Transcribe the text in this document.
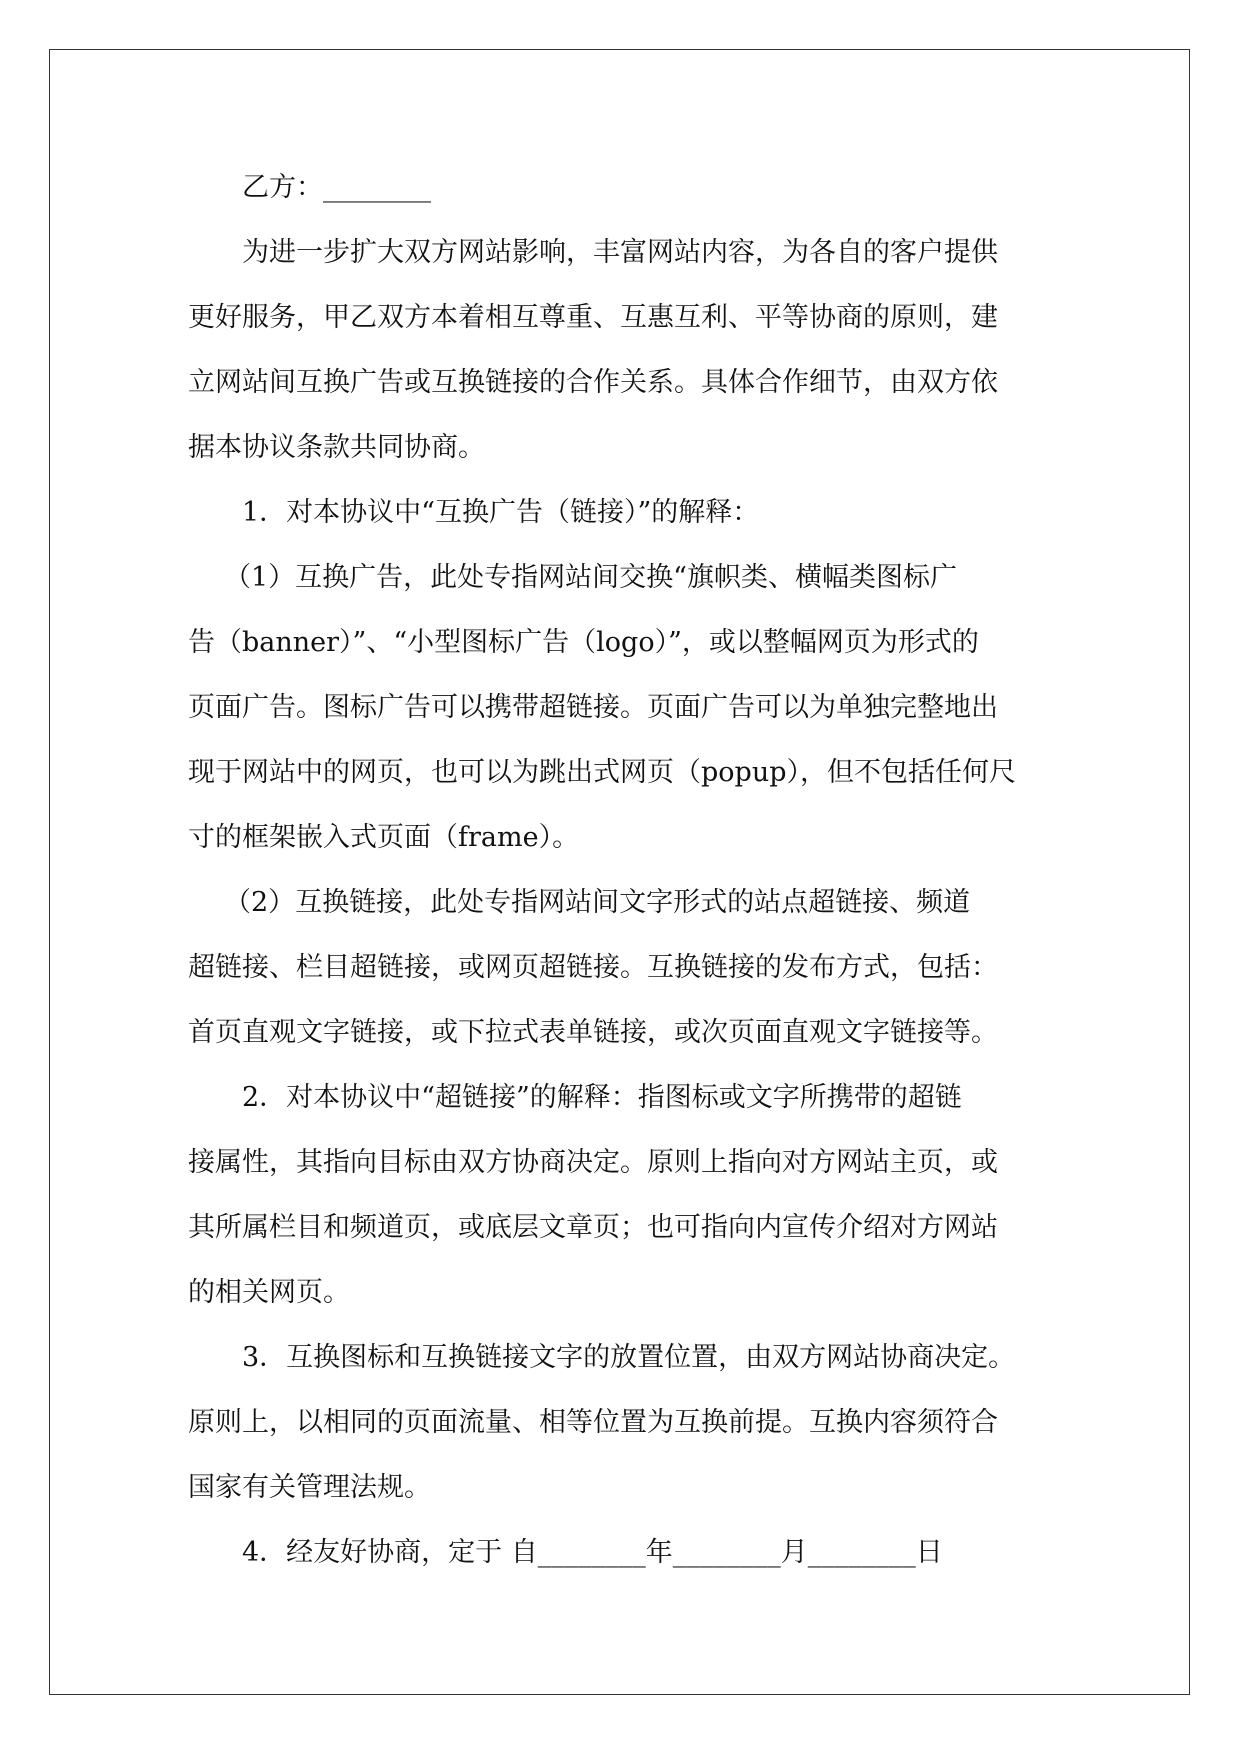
乙方：________
为进一步扩大双方网站影响，丰富网站内容，为各自的客户提供
更好服务，甲乙双方本着相互尊重、互惠互利、平等协商的原则，建
立网站间互换广告或互换链接的合作关系。具体合作细节，由双方依
据本协议条款共同协商。
1．对本协议中“互换广告（链接）”的解释：
（1）互换广告，此处专指网站间交换“旗帜类、横幅类图标广
告（banner）”、“小型图标广告（logo）”，或以整幅网页为形式的
页面广告。图标广告可以携带超链接。页面广告可以为单独完整地出
现于网站中的网页，也可以为跳出式网页（popup），但不包括任何尺
寸的框架嵌入式页面（frame）。
（2）互换链接，此处专指网站间文字形式的站点超链接、频道
超链接、栏目超链接，或网页超链接。互换链接的发布方式，包括：
首页直观文字链接，或下拉式表单链接，或次页面直观文字链接等。
2．对本协议中“超链接”的解释：指图标或文字所携带的超链
接属性，其指向目标由双方协商决定。原则上指向对方网站主页，或
其所属栏目和频道页，或底层文章页；也可指向内宣传介绍对方网站
的相关网页。
3．互换图标和互换链接文字的放置位置，由双方网站协商决定。
原则上，以相同的页面流量、相等位置为互换前提。互换内容须符合
国家有关管理法规。
4．经友好协商，定于 自________年________月________日
